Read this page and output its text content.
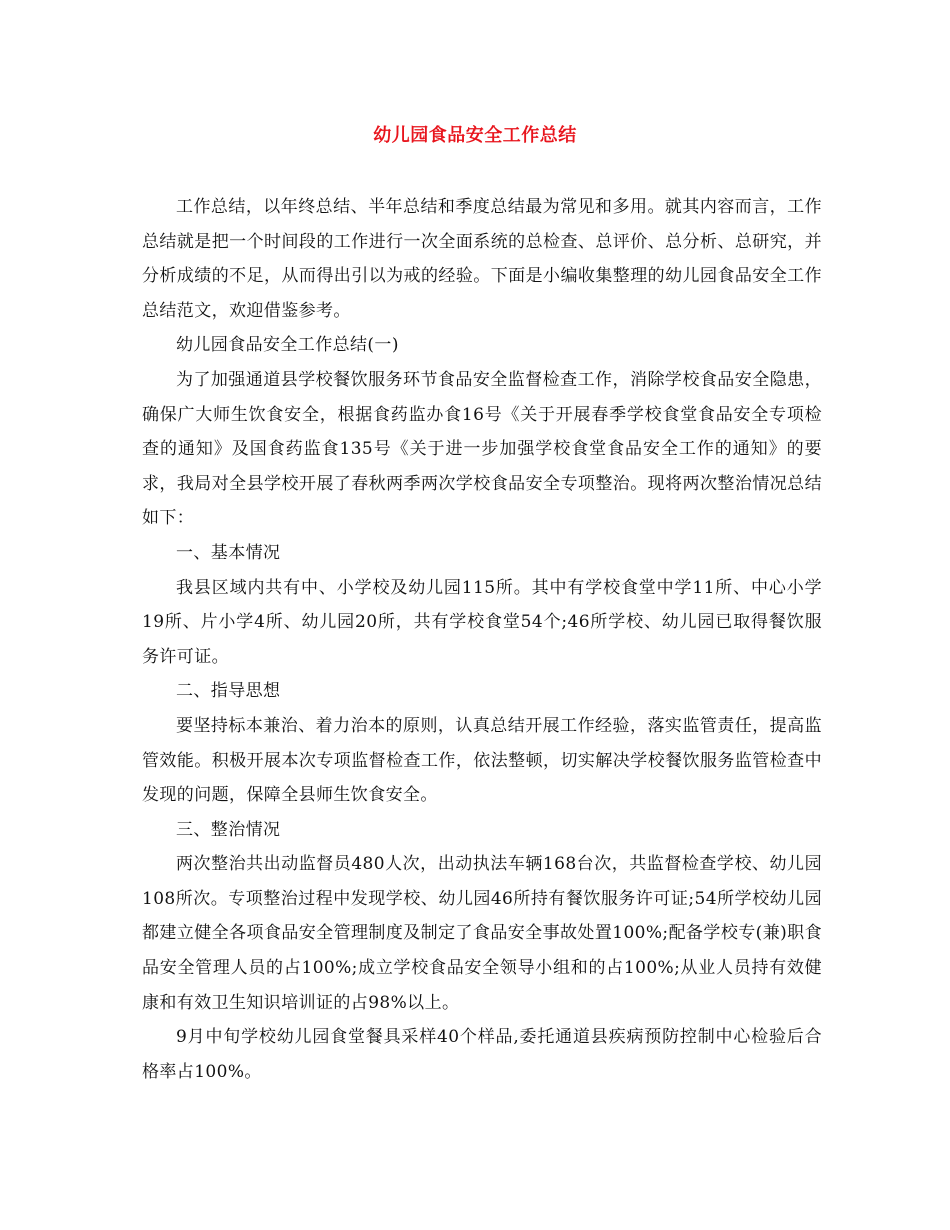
幼儿园食品安全工作总结

工作总结，以年终总结、半年总结和季度总结最为常见和多用。就其内容而言，工作总结就是把一个时间段的工作进行一次全面系统的总检查、总评价、总分析、总研究，并分析成绩的不足，从而得出引以为戒的经验。下面是小编收集整理的幼儿园食品安全工作总结范文，欢迎借鉴参考。

幼儿园食品安全工作总结(一)

为了加强通道县学校餐饮服务环节食品安全监督检查工作，消除学校食品安全隐患，确保广大师生饮食安全，根据食药监办食16号《关于开展春季学校食堂食品安全专项检查的通知》及国食药监食135号《关于进一步加强学校食堂食品安全工作的通知》的要求，我局对全县学校开展了春秋两季两次学校食品安全专项整治。现将两次整治情况总结如下：

一、基本情况

我县区域内共有中、小学校及幼儿园115所。其中有学校食堂中学11所、中心小学19所、片小学4所、幼儿园20所，共有学校食堂54个;46所学校、幼儿园已取得餐饮服务许可证。

二、指导思想

要坚持标本兼治、着力治本的原则，认真总结开展工作经验，落实监管责任，提高监管效能。积极开展本次专项监督检查工作，依法整顿，切实解决学校餐饮服务监管检查中发现的问题，保障全县师生饮食安全。

三、整治情况

两次整治共出动监督员480人次，出动执法车辆168台次，共监督检查学校、幼儿园108所次。专项整治过程中发现学校、幼儿园46所持有餐饮服务许可证;54所学校幼儿园都建立健全各项食品安全管理制度及制定了食品安全事故处置100%;配备学校专(兼)职食品安全管理人员的占100%;成立学校食品安全领导小组和的占100%;从业人员持有效健康和有效卫生知识培训证的占98%以上。

9月中旬学校幼儿园食堂餐具采样40个样品,委托通道县疾病预防控制中心检验后合格率占100%。
